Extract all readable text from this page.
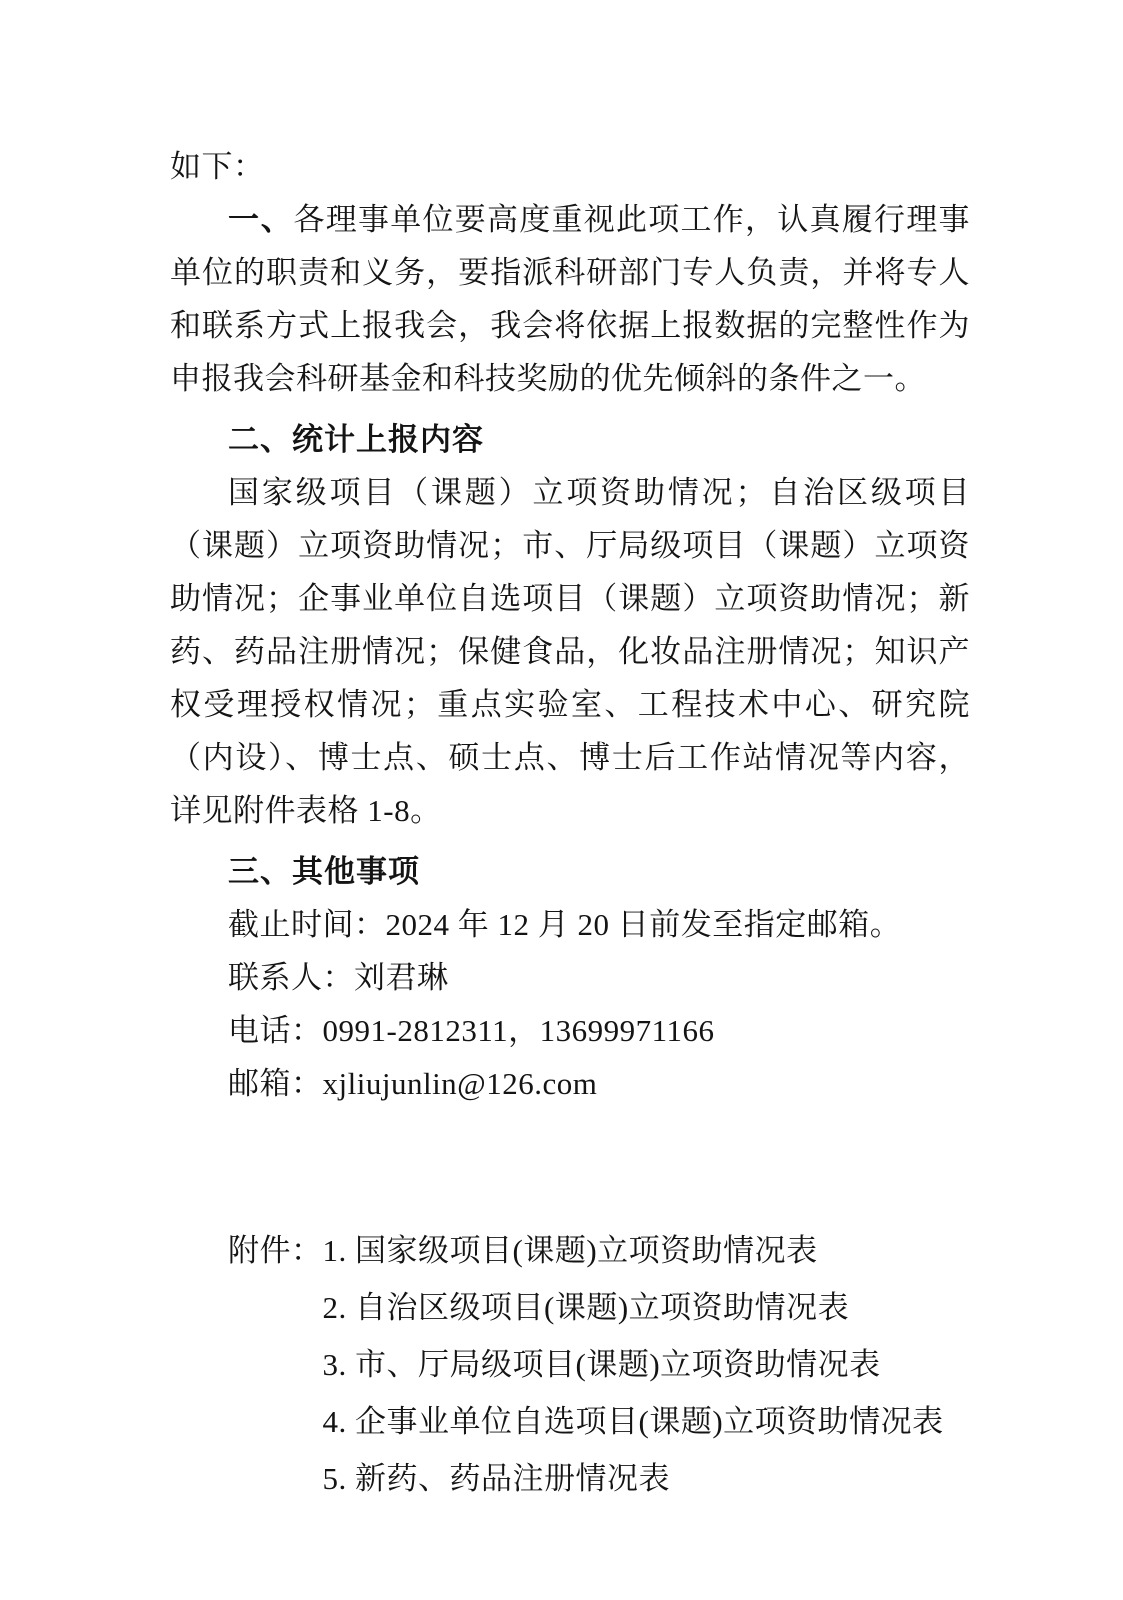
如下：

一、各理事单位要高度重视此项工作，认真履行理事单位的职责和义务，要指派科研部门专人负责，并将专人和联系方式上报我会，我会将依据上报数据的完整性作为申报我会科研基金和科技奖励的优先倾斜的条件之一。

二、统计上报内容

国家级项目（课题）立项资助情况；自治区级项目（课题）立项资助情况；市、厅局级项目（课题）立项资助情况；企事业单位自选项目（课题）立项资助情况；新药、药品注册情况；保健食品，化妆品注册情况；知识产权受理授权情况；重点实验室、工程技术中心、研究院（内设）、博士点、硕士点、博士后工作站情况等内容，详见附件表格 1-8。

三、其他事项

截止时间：2024 年 12 月 20 日前发至指定邮箱。

联系人：刘君琳

电话：0991-2812311，13699971166

邮箱：xjliujunlin@126.com

附件： 1. 国家级项目(课题)立项资助情况表

2. 自治区级项目(课题)立项资助情况表

3. 市、厅局级项目(课题)立项资助情况表

4. 企事业单位自选项目(课题)立项资助情况表

5. 新药、药品注册情况表
